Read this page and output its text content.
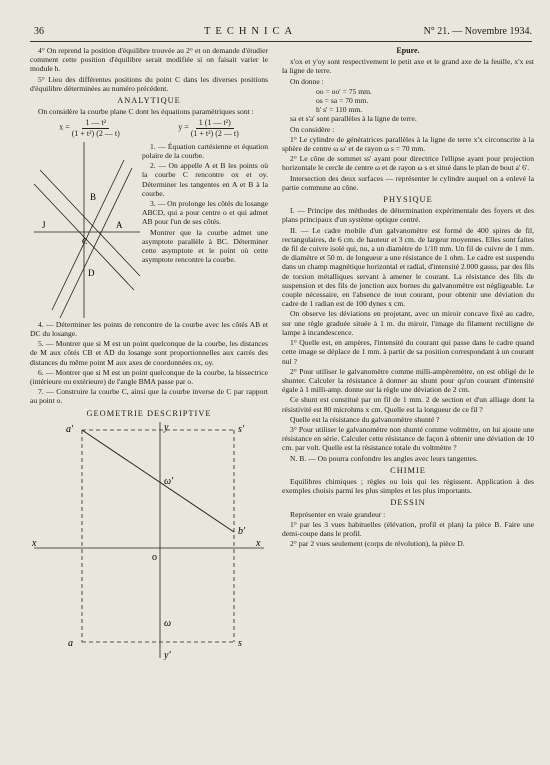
36	TECHNICA	N° 21. — Novembre 1934.

4° On reprend la position d'équilibre trouvée au 2° et on demande d'étudier comment cette position d'équilibre serait modifiée si on faisait varier le module h.

5° Lieu des différentes positions du point C dans les diverses positions d'équilibre déterminées au numéro précédent.

ANALYTIQUE

On considère la courbe plane C dont les équations paramétriques sont :

$x = \frac{\text{1 — t²}}{\text{(1 + t²) (2 — t)}}$	$y = \frac{\text{1 (1 — t²)}}{\text{(1 + t²) (2 — t)}}$
B
J
C
A
D

1. — Équation cartésienne et équation polaire de la courbe.

2. — On appelle A et B les points où la courbe C rencontre ox et oy. Déterminer les tangentes en A et B à la courbe.

3. — On prolonge les côtés du losange ABCD, qui a pour centre o et qui admet AB pour l'un de ses côtés.

Montrer que la courbe admet une asymptote parallèle à BC. Déterminer cette asymptote et le point où cette asymptote rencontre la courbe.

4. — Déterminer les points de rencontre de la courbe avec les côtés AB et DC du losange.

5. — Montrer que si M est un point quelconque de la courbe, les distances de M aux côtés CB et AD du losange sont proportionnelles aux carrés des distances du même point M aux axes de coordonnées ox, oy.

6. — Montrer que si M est un point quelconque de la courbe, la bissectrice (intérieure ou extérieure) de l'angle BMA passe par o.

7. — Construire la courbe C, ainsi que la courbe inverse de C par rapport au point o.

GEOMETRIE DESCRIPTIVE
a'	s'
y
ω'
b'
x
o
x
a	s
ω
y'
Epure.

x'ox et y'oy sont respectivement le petit axe et le grand axe de la feuille, x'x est la ligne de terre.

On donne :

oo = oo' = 75 mm.

os = sa = 70 mm.

h' s' = 110 mm.

sa et s'a' sont parallèles à la ligne de terre.

On considère :

1° Le cylindre de génératrices parallèles à la ligne de terre x'x circonscrite à la sphère de centre ω ω' et de rayon ω s = 70 mm.

2° Le cône de sommet ss' ayant pour directrice l'ellipse ayant pour projection horizontale le cercle de centre ω et de rayon ω s et situé dans le plan de bout a' 6'.

Intersection des deux surfaces — représenter le cylindre auquel on a enlevé la partie commune au cône.

PHYSIQUE

I. — Principe des méthodes de détermination expérimentale des foyers et des plans principaux d'un système optique centré.

II. — Le cadre mobile d'un galvanomètre est formé de 400 spires de fil, rectangulaires, de 6 cm. de hauteur et 3 cm. de largeur moyennes. Elles sont faites de fil de cuivre isolé qui, nu, a un diamètre de 1/10 mm. Un fil de cuivre de 1 mm. de diamètre et 50 m. de longueur a une résistance de 1 ohm. Le cadre est suspendu dans un champ magnétique horizontal et radial, d'intensité 2.000 gauss, par des fils de torsion métalliques servant à amener le courant. La résistance des fils de suspension et des fils de jonction aux bornes du galvanomètre est négligeable. Le couple nécessaire, en l'absence de tout courant, pour obtenir une déviation du cadre de 1 radian est de 100 dynes x cm.

On observe les déviations en projetant, avec un miroir concave fixé au cadre, sur une règle graduée située à 1 m. du miroir, l'image du filament rectiligne de lampe à incandescence.

1° Quelle est, en ampères, l'intensité du courant qui passe dans le cadre quand cette image se déplace de 1 mm. à partir de sa position correspondant à un courant nul ?

2° Pour utiliser le galvanomètre comme milli-ampèremètre, on est obligé de le shunter. Calculer la résistance à donner au shunt pour qu'un courant d'intensité égale à 1 milli-amp. donne sur la règle une déviation de 2 cm.

Ce shunt est constitué par un fil de 1 mm. 2 de section et d'un alliage dont la résistivité est 80 microhms x cm. Quelle est la longueur de ce fil ?

Quelle est la résistance du galvanomètre shunté ?

3° Pour utiliser le galvanomètre non shunté comme voltmètre, on lui ajoute une résistance en série. Calculer cette résistance de façon à obtenir une déviation de 10 cm. par volt. Quelle est la résistance totale du voltmètre ?

N. B. — On pourra confondre les angles avec leurs tangentes.

CHIMIE

Equilibres chimiques ; règles ou lois qui les régissent. Application à des exemples choisis parmi les plus simples et les plus importants.

DESSIN

Représenter en vraie grandeur :

1° par les 3 vues habituelles (élévation, profil et plan) la pièce B. Faire une demi-coupe dans le profil.

2° par 2 vues seulement (corps de révolution), la pièce D.
